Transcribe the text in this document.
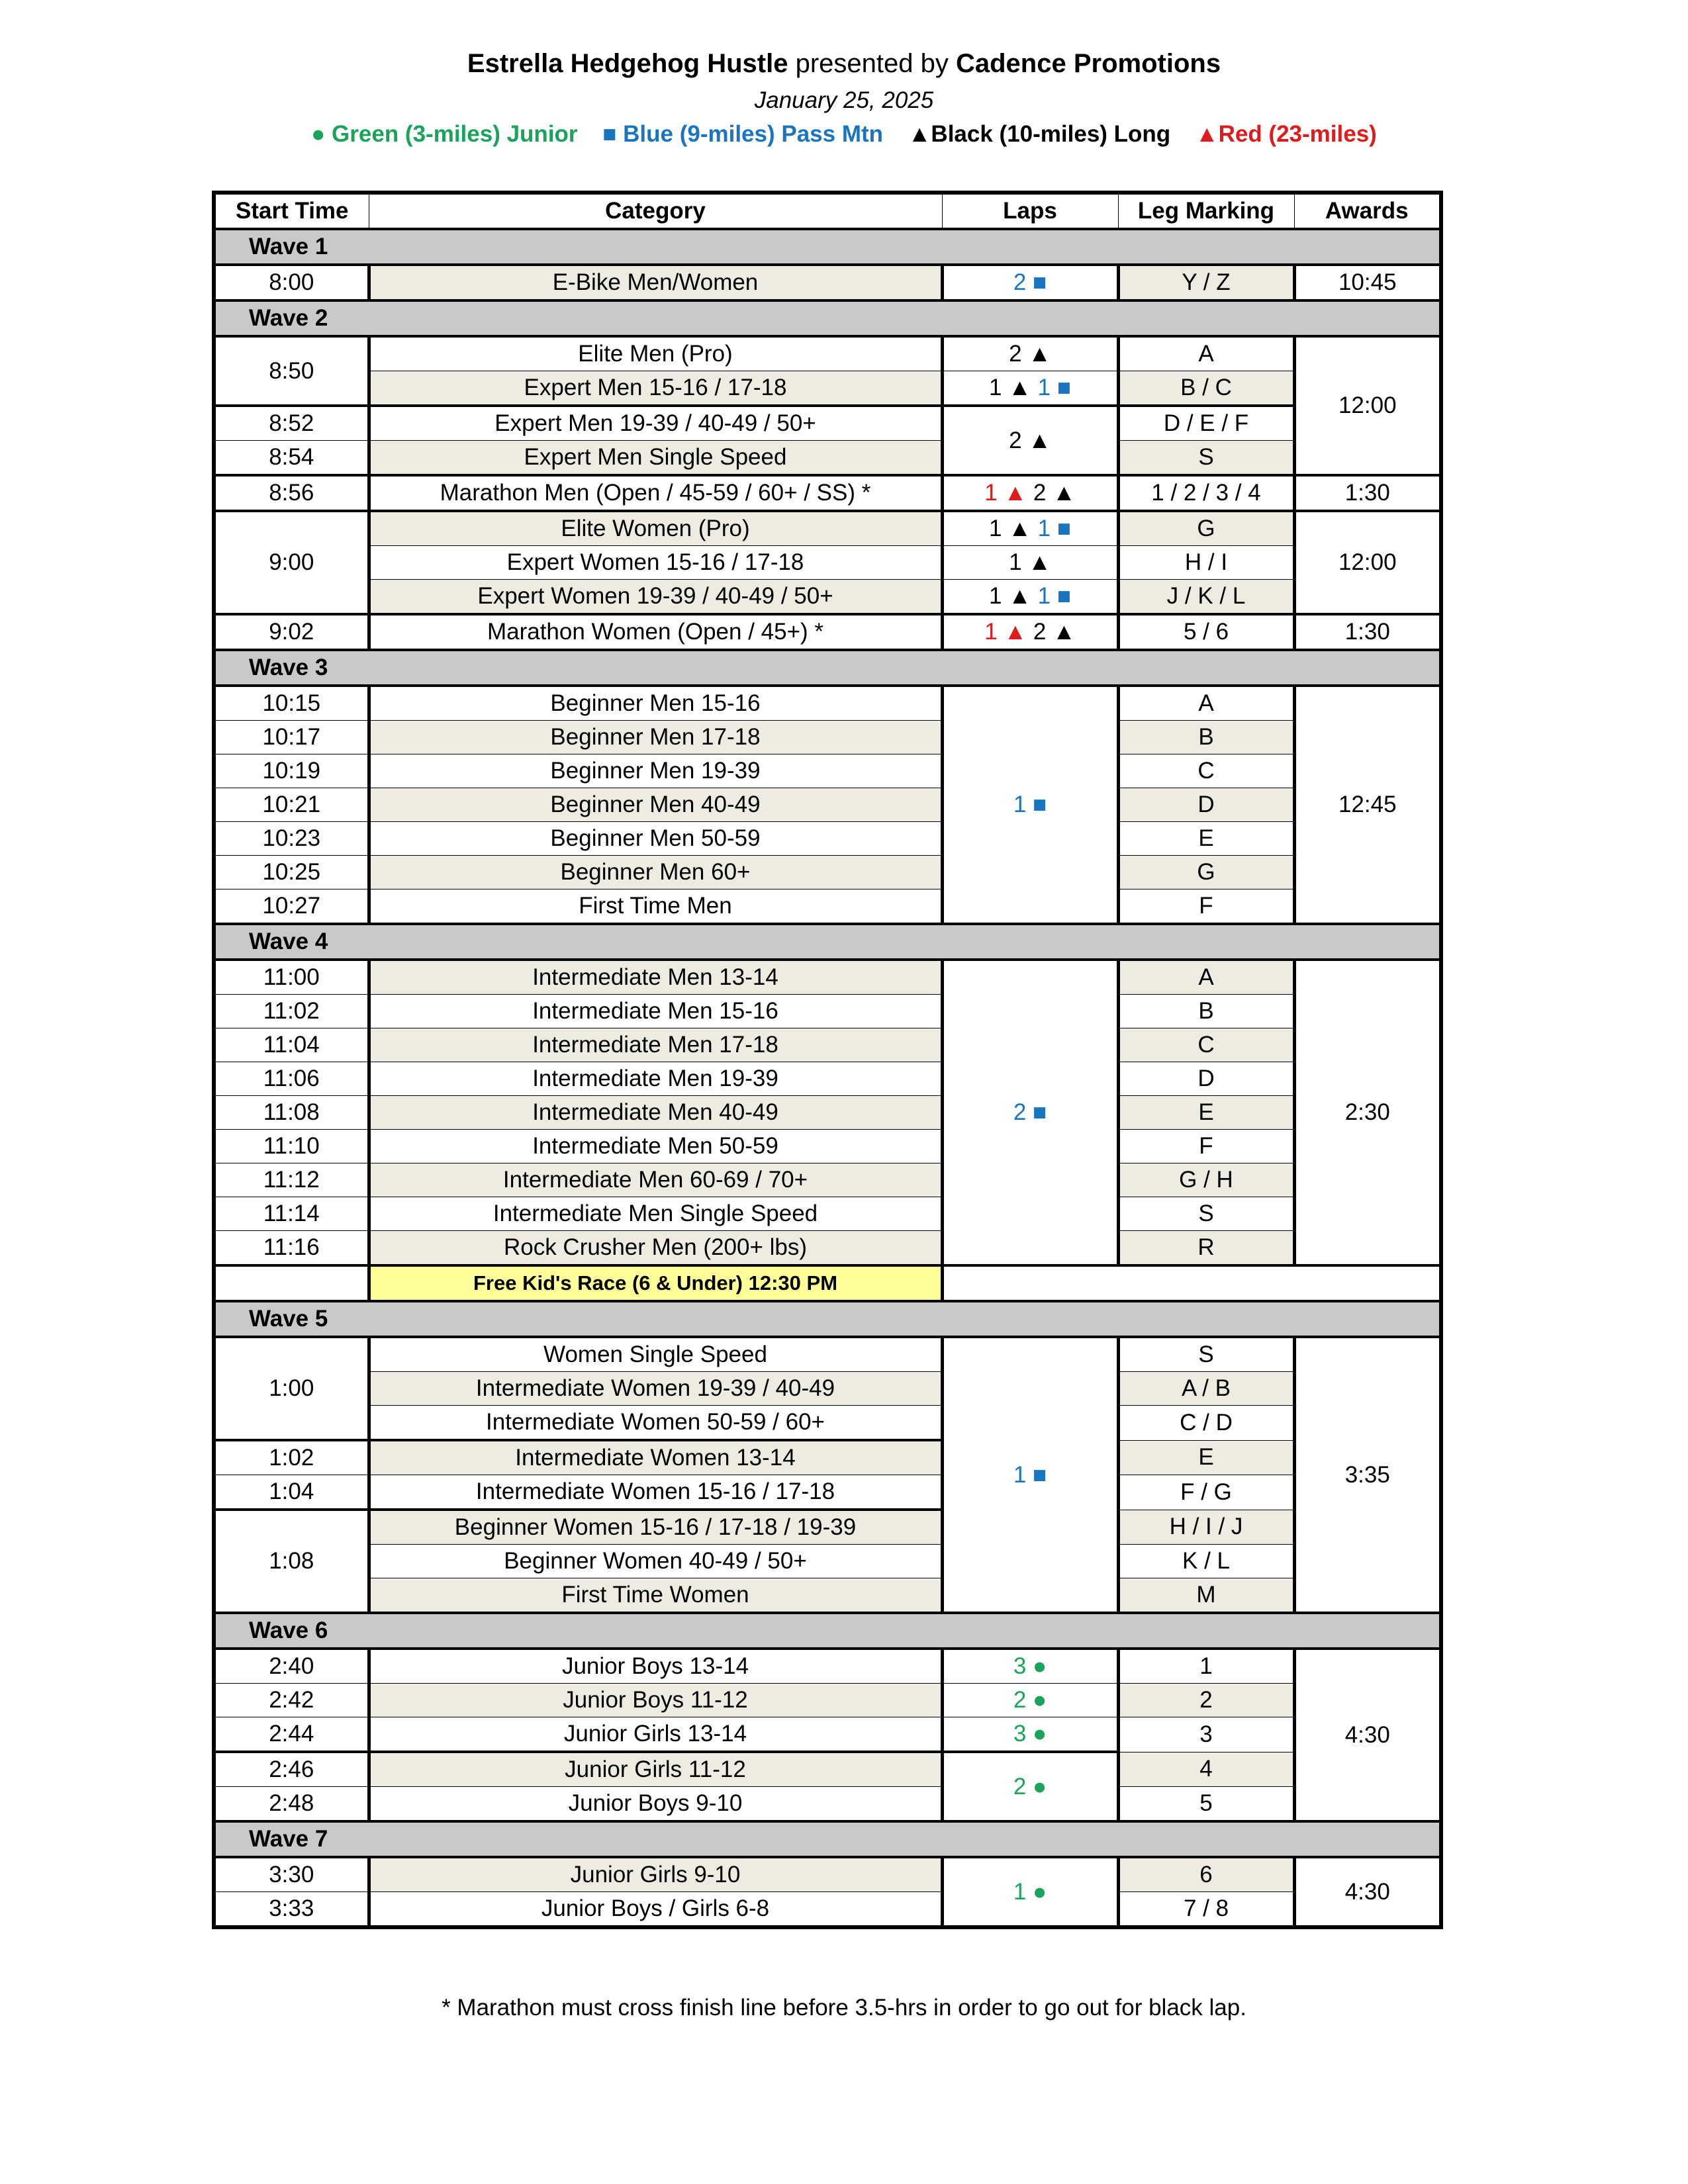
Estrella Hedgehog Hustle presented by Cadence Promotions
January 25, 2025
● Green (3-miles) Junior ■ Blue (9-miles) Pass Mtn ▲Black (10-miles) Long ▲Red (23-miles)
Start Time	Category	Laps	Leg Marking	Awards
Wave 1				
8:00	E-Bike Men/Women	2 ■	Y / Z	10:45
Wave 2				
8:50	Elite Men (Pro)	2 ▲	A	12:00
	Expert Men 15-16 / 17-18	1 ▲ 1 ■	B / C	
8:52	Expert Men 19-39 / 40-49 / 50+	2 ▲	D / E / F	
8:54	Expert Men Single Speed		S	
8:56	Marathon Men (Open / 45-59 / 60+ / SS) *	1 ▲ 2 ▲	1 / 2 / 3 / 4	1:30
9:00	Elite Women (Pro)	1 ▲ 1 ■	G	12:00
	Expert Women 15-16 / 17-18	1 ▲	H / I	
	Expert Women 19-39 / 40-49 / 50+	1 ▲ 1 ■	J / K / L	
9:02	Marathon Women (Open / 45+) *	1 ▲ 2 ▲	5 / 6	1:30
Wave 3				
10:15	Beginner Men 15-16	1 ■	A	12:45
10:17	Beginner Men 17-18		B	
10:19	Beginner Men 19-39		C	
10:21	Beginner Men 40-49		D	
10:23	Beginner Men 50-59		E	
10:25	Beginner Men 60+		G	
10:27	First Time Men		F	
Wave 4				
11:00	Intermediate Men 13-14	2 ■	A	2:30
11:02	Intermediate Men 15-16		B	
11:04	Intermediate Men 17-18		C	
11:06	Intermediate Men 19-39		D	
11:08	Intermediate Men 40-49		E	
11:10	Intermediate Men 50-59		F	
11:12	Intermediate Men 60-69 / 70+		G / H	
11:14	Intermediate Men Single Speed		S	
11:16	Rock Crusher Men (200+ lbs)		R	
	Free Kid's Race (6 & Under) 12:30 PM			
Wave 5				
1:00	Women Single Speed	1 ■	S	3:35
	Intermediate Women 19-39 / 40-49		A / B	
	Intermediate Women 50-59 / 60+		C / D	
1:02	Intermediate Women 13-14		E	
1:04	Intermediate Women 15-16 / 17-18		F / G	
1:08	Beginner Women 15-16 / 17-18 / 19-39		H / I / J	
	Beginner Women 40-49 / 50+		K / L	
	First Time Women		M	
Wave 6				
2:40	Junior Boys 13-14	3 ●	1	4:30
2:42	Junior Boys 11-12	2 ●	2	
2:44	Junior Girls 13-14	3 ●	3	
2:46	Junior Girls 11-12	2 ●	4	
2:48	Junior Boys 9-10		5	
Wave 7				
3:30	Junior Girls 9-10	1 ●	6	4:30
3:33	Junior Boys / Girls 6-8		7 / 8	
* Marathon must cross finish line before 3.5-hrs in order to go out for black lap.
